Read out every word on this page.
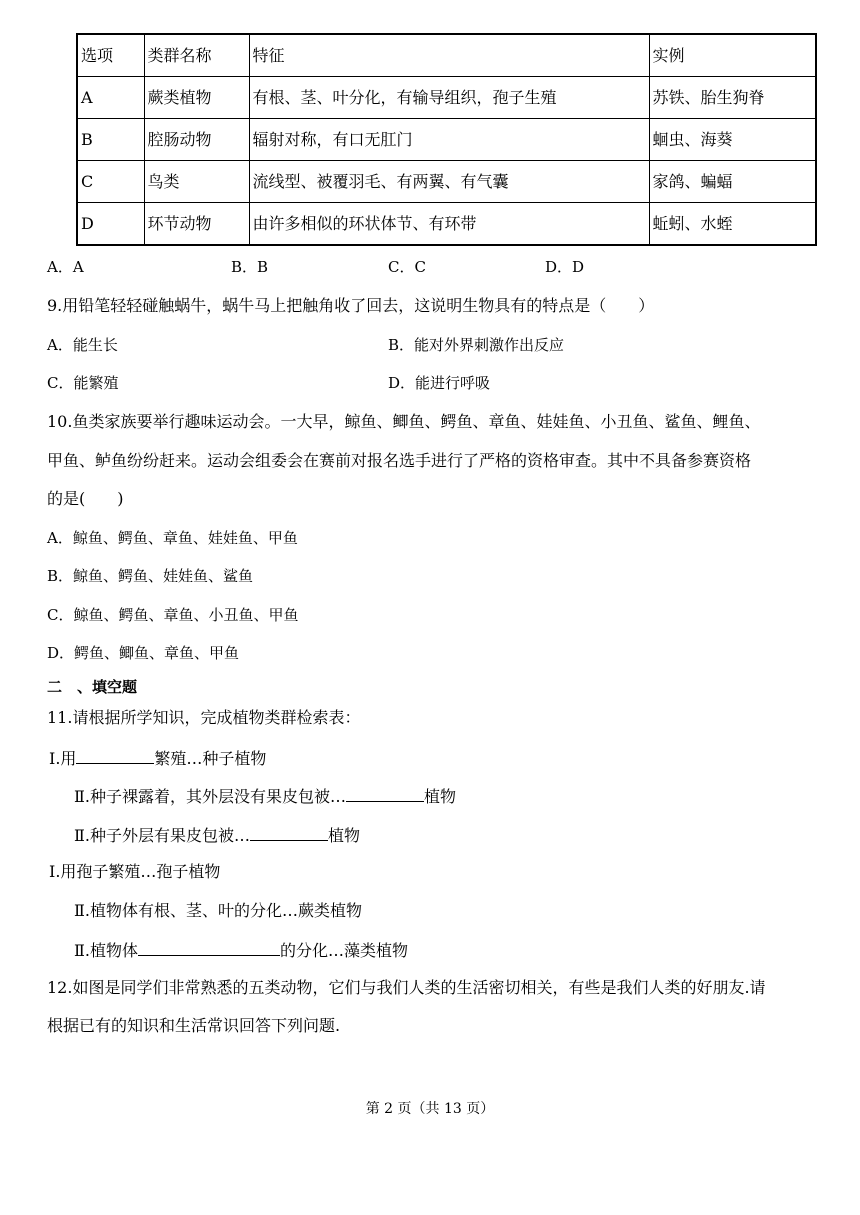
选项	类群名称	特征	实例
A	蕨类植物	有根、茎、叶分化，有输导组织，孢子生殖	苏铁、胎生狗脊
B	腔肠动物	辐射对称，有口无肛门	蛔虫、海葵
C	鸟类	流线型、被覆羽毛、有两翼、有气囊	家鸽、蝙蝠
D	环节动物	由许多相似的环状体节、有环带	蚯蚓、水蛭
A．A	B．B	C．C	D．D
9.用铅笔轻轻碰触蜗牛，蜗牛马上把触角收了回去，这说明生物具有的特点是（　　）
A．能生长	B．能对外界刺激作出反应
C．能繁殖	D．能进行呼吸
10.鱼类家族要举行趣味运动会。一大早，鲸鱼、鲫鱼、鳄鱼、章鱼、娃娃鱼、小丑鱼、鲨鱼、鲤鱼、
甲鱼、鲈鱼纷纷赶来。运动会组委会在赛前对报名选手进行了严格的资格审查。其中不具备参赛资格
的是(　　)
A．鲸鱼、鳄鱼、章鱼、娃娃鱼、甲鱼
B．鲸鱼、鳄鱼、娃娃鱼、鲨鱼
C．鲸鱼、鳄鱼、章鱼、小丑鱼、甲鱼
D．鳄鱼、鲫鱼、章鱼、甲鱼
二　、填空题
11.请根据所学知识，完成植物类群检索表：
Ⅰ.用	繁殖…种子植物
Ⅱ.种子裸露着，其外层没有果皮包被…	植物
Ⅱ.种子外层有果皮包被…	植物
Ⅰ.用孢子繁殖…孢子植物
Ⅱ.植物体有根、茎、叶的分化…蕨类植物
Ⅱ.植物体	的分化…藻类植物
12.如图是同学们非常熟悉的五类动物，它们与我们人类的生活密切相关，有些是我们人类的好朋友.请
根据已有的知识和生活常识回答下列问题.
第 2 页（共 13 页）
